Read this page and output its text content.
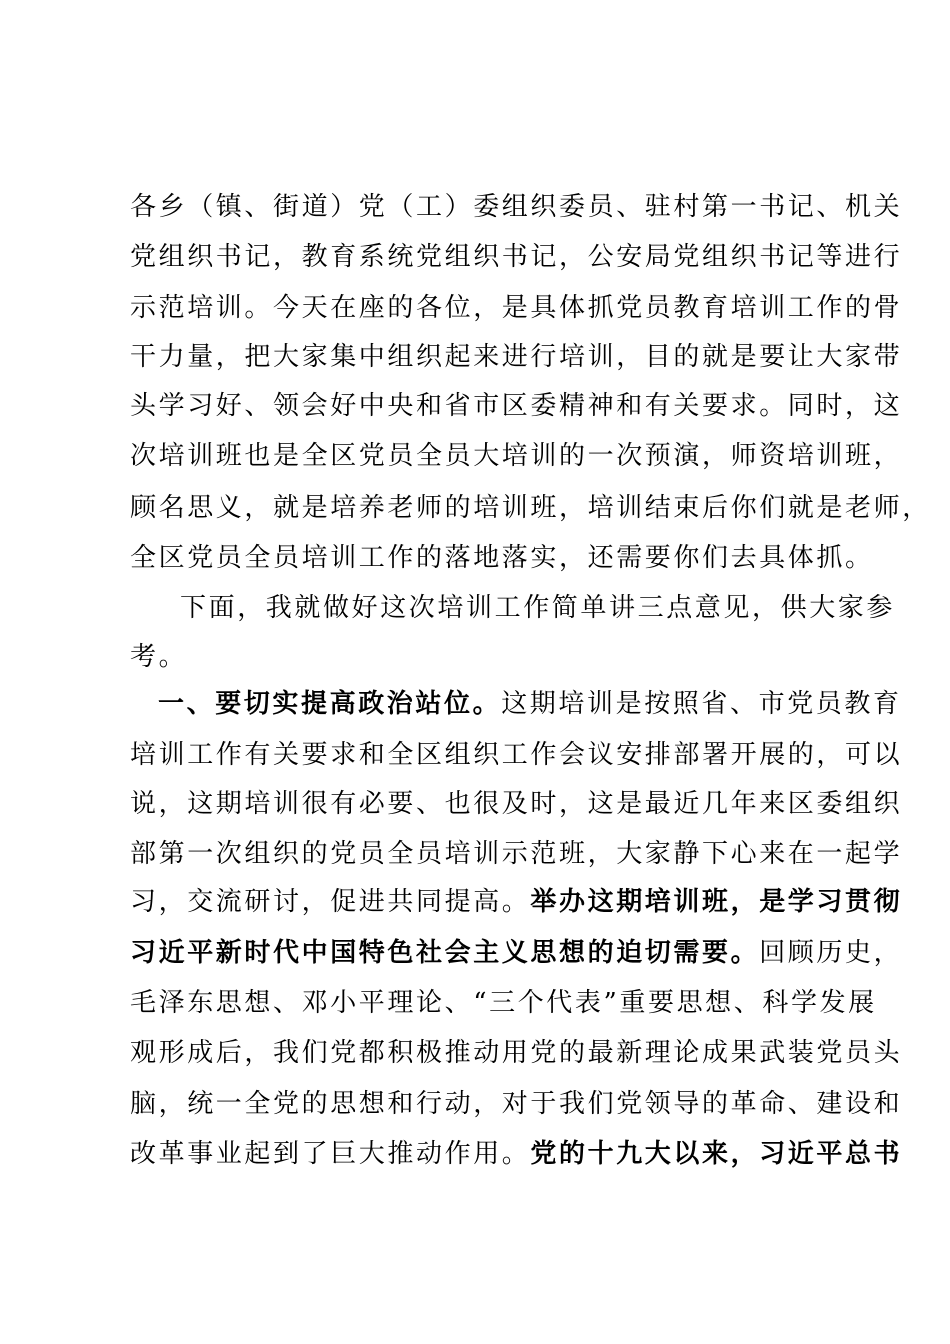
各乡（镇、街道）党（工）委组织委员、驻村第一书记、机关
党组织书记，教育系统党组织书记，公安局党组织书记等进行
示范培训。今天在座的各位，是具体抓党员教育培训工作的骨
干力量，把大家集中组织起来进行培训，目的就是要让大家带
头学习好、领会好中央和省市区委精神和有关要求。同时，这
次培训班也是全区党员全员大培训的一次预演，师资培训班，
顾名思义，就是培养老师的培训班，培训结束后你们就是老师，
全区党员全员培训工作的落地落实，还需要你们去具体抓。
下面，我就做好这次培训工作简单讲三点意见，供大家参
考。
一、要切实提高政治站位。这期培训是按照省、市党员教育
培训工作有关要求和全区组织工作会议安排部署开展的，可以
说，这期培训很有必要、也很及时，这是最近几年来区委组织
部第一次组织的党员全员培训示范班，大家静下心来在一起学
习，交流研讨，促进共同提高。举办这期培训班，是学习贯彻
习近平新时代中国特色社会主义思想的迫切需要。回顾历史，
毛泽东思想、邓小平理论、“三个代表”重要思想、科学发展
观形成后，我们党都积极推动用党的最新理论成果武装党员头
脑，统一全党的思想和行动，对于我们党领导的革命、建设和
改革事业起到了巨大推动作用。党的十九大以来，习近平总书
